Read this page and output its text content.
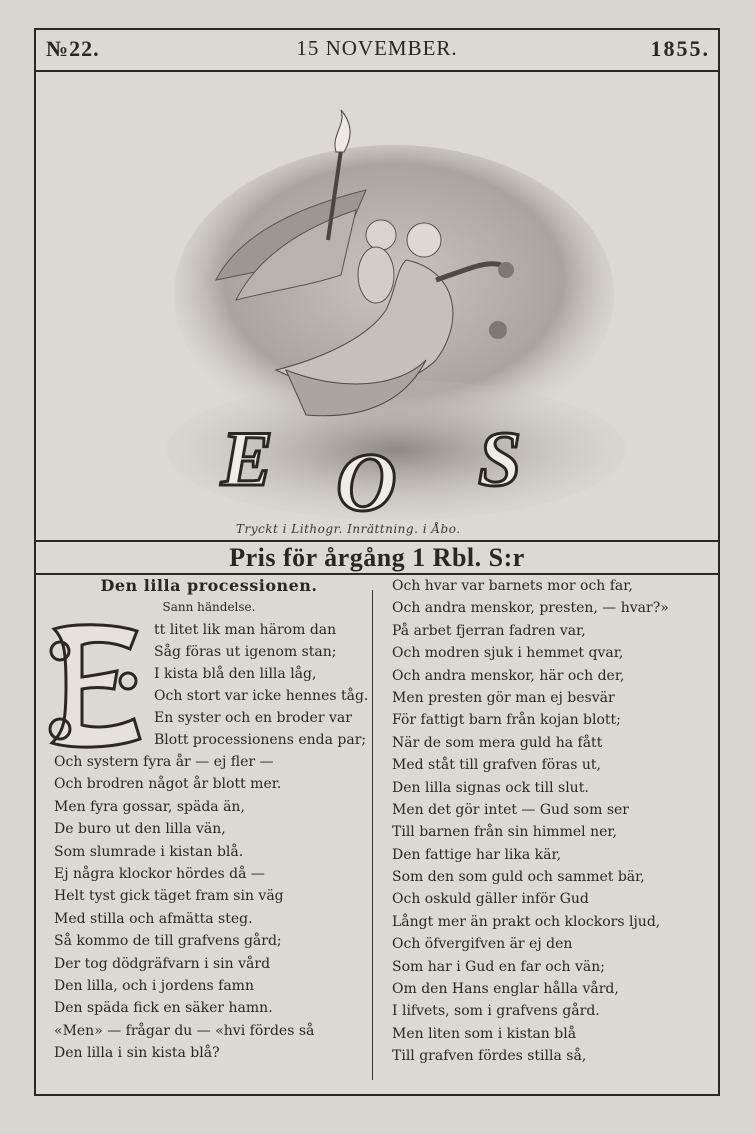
№22.	15 NOVEMBER.	1855.
E O S
Tryckt i Lithogr. Inrättning. i Åbo.
Pris för årgång 1 Rbl. S:r
Den lilla processionen.
Sann händelse.
tt litet lik man härom dan
Såg föras ut igenom stan;
I kista blå den lilla låg,
Och stort var icke hennes tåg.
En syster och en broder var
Blott processionens enda par;
Och systern fyra år — ej fler —
Och brodren något år blott mer.
Men fyra gossar, späda än,
De buro ut den lilla vän,
Som slumrade i kistan blå.
Ej några klockor hördes då —
Helt tyst gick täget fram sin väg
Med stilla och afmätta steg.
Så kommo de till grafvens gård;
Der tog dödgräfvarn i sin vård
Den lilla, och i jordens famn
Den späda fick en säker hamn.
«Men» — frågar du — «hvi fördes så
Den lilla i sin kista blå?
Och hvar var barnets mor och far,
Och andra menskor, presten, — hvar?»
På arbet fjerran fadren var,
Och modren sjuk i hemmet qvar,
Och andra menskor, här och der,
Men presten gör man ej besvär
För fattigt barn från kojan blott;
När de som mera guld ha fått
Med ståt till grafven föras ut,
Den lilla signas ock till slut.
Men det gör intet — Gud som ser
Till barnen från sin himmel ner,
Den fattige har lika kär,
Som den som guld och sammet bär,
Och oskuld gäller inför Gud
Långt mer än prakt och klockors ljud,
Och öfvergifven är ej den
Som har i Gud en far och vän;
Om den Hans englar hålla vård,
I lifvets, som i grafvens gård.
Men liten som i kistan blå
Till grafven fördes stilla så,
